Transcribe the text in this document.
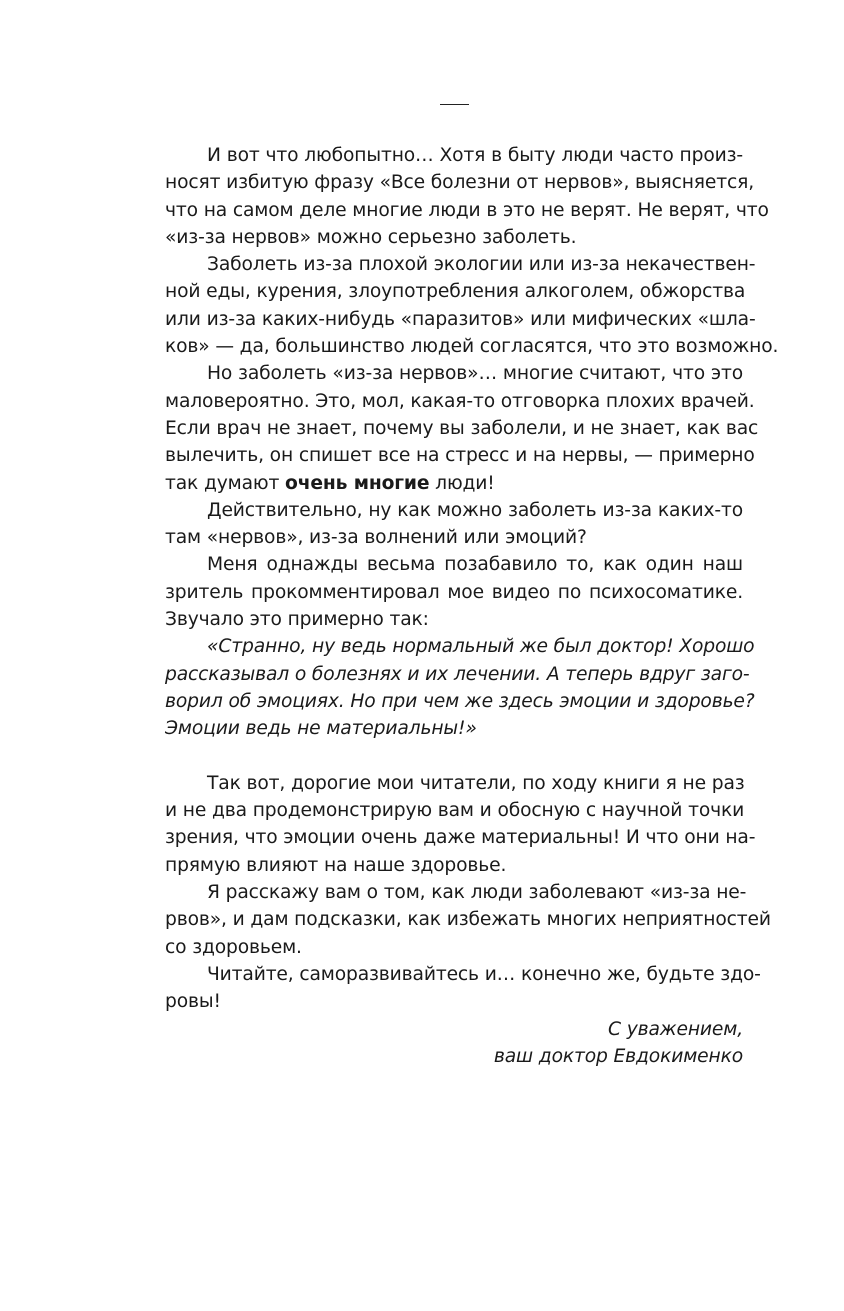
И вот что любопытно… Хотя в быту люди часто произ-
носят избитую фразу «Все болезни от нервов», выясняется,
что на самом деле многие люди в это не верят. Не верят, что
«из-за нервов» можно серьезно заболеть.
Заболеть из-за плохой экологии или из-за некачествен-
ной еды, курения, злоупотребления алкоголем, обжорства
или из-за каких-нибудь «паразитов» или мифических «шла-
ков» — да, большинство людей согласятся, что это возможно.
Но заболеть «из-за нервов»… многие считают, что это
маловероятно. Это, мол, какая-то отговорка плохих врачей.
Если врач не знает, почему вы заболели, и не знает, как вас
вылечить, он спишет все на стресс и на нервы, — примерно
так думают очень многие люди!
Действительно, ну как можно заболеть из-за каких-то
там «нервов», из-за волнений или эмоций?
Меня однажды весьма позабавило то, как один наш
зритель прокомментировал мое видео по психосоматике.
Звучало это примерно так:
«Странно, ну ведь нормальный же был доктор! Хорошо
рассказывал о болезнях и их лечении. А теперь вдруг заго-
ворил об эмоциях. Но при чем же здесь эмоции и здоровье?
Эмоции ведь не материальны!»
Так вот, дорогие мои читатели, по ходу книги я не раз
и не два продемонстрирую вам и обосную с научной точки
зрения, что эмоции очень даже материальны! И что они на-
прямую влияют на наше здоровье.
Я расскажу вам о том, как люди заболевают «из-за не-
рвов», и дам подсказки, как избежать многих неприятностей
со здоровьем.
Читайте, саморазвивайтесь и… конечно же, будьте здо-
ровы!
С уважением,
ваш доктор Евдокименко
